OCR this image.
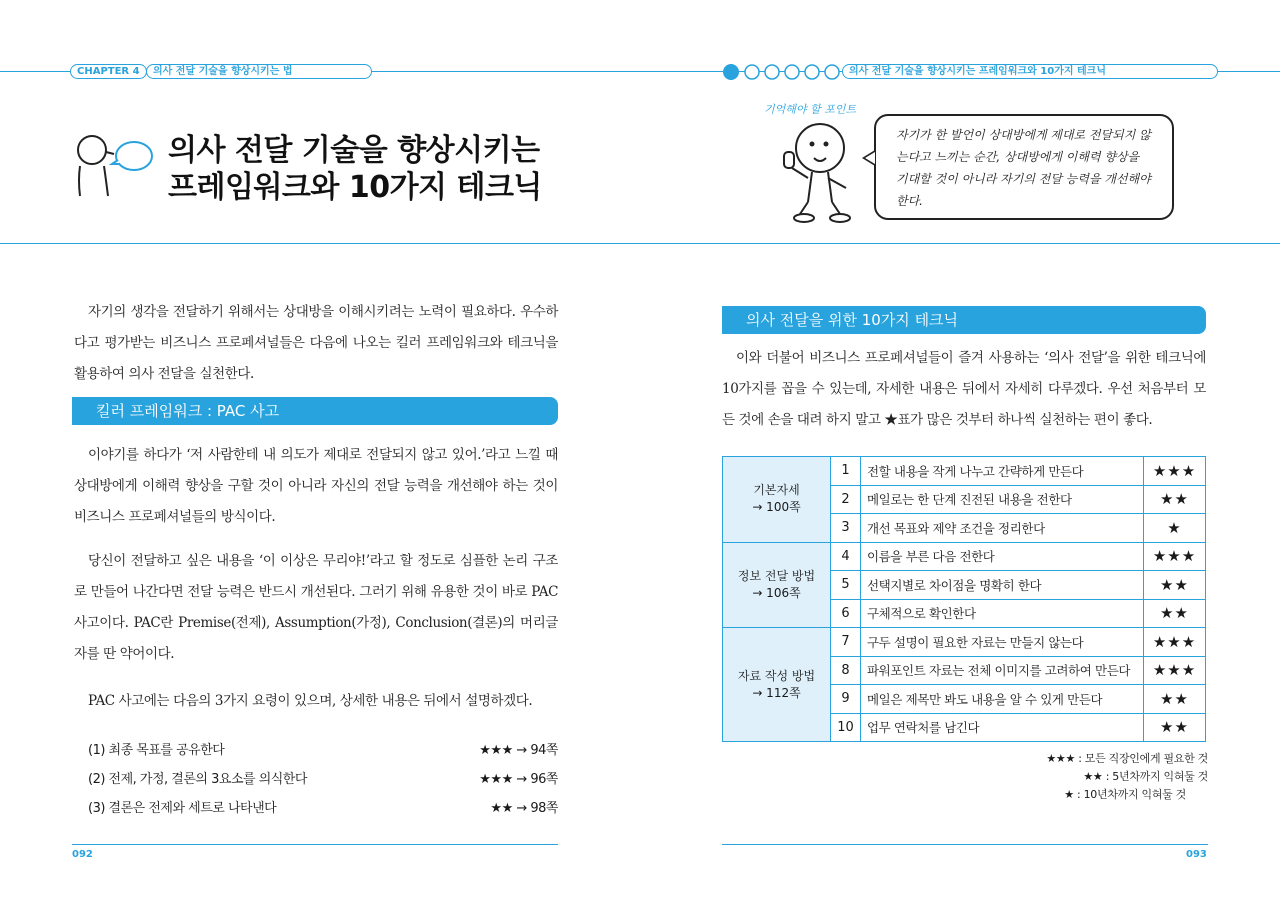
CHAPTER 4	의사 전달 기술을 향상시키는 법	의사 전달 기술을 향상시키는 프레임워크와 10가지 테크닉
의사 전달 기술을 향상시키는
프레임워크와 10가지 테크닉
기억해야 할 포인트
자기가 한 발언이 상대방에게 제대로 전달되지 않
는다고 느끼는 순간, 상대방에게 이해력 향상을
기대할 것이 아니라 자기의 전달 능력을 개선해야
한다.
자기의 생각을 전달하기 위해서는 상대방을 이해시키려는 노력이 필요하다. 우수하다고 평가받는 비즈니스 프로페셔널들은 다음에 나오는 킬러 프레임워크와 테크닉을 활용하여 의사 전달을 실천한다.
킬러 프레임워크 : PAC 사고
이야기를 하다가 ‘저 사람한테 내 의도가 제대로 전달되지 않고 있어.’라고 느낄 때 상대방에게 이해력 향상을 구할 것이 아니라 자신의 전달 능력을 개선해야 하는 것이 비즈니스 프로페셔널들의 방식이다.
당신이 전달하고 싶은 내용을 ‘이 이상은 무리야!’라고 할 정도로 심플한 논리 구조로 만들어 나간다면 전달 능력은 반드시 개선된다. 그러기 위해 유용한 것이 바로 PAC 사고이다. PAC란 Premise(전제), Assumption(가정), Conclusion(결론)의 머리글자를 딴 약어이다.
PAC 사고에는 다음의 3가지 요령이 있으며, 상세한 내용은 뒤에서 설명하겠다.
(1) 최종 목표를 공유한다	★★★ → 94쪽
(2) 전제, 가정, 결론의 3요소를 의식한다	★★★ → 96쪽
(3) 결론은 전제와 세트로 나타낸다	★★ → 98쪽
092
의사 전달을 위한 10가지 테크닉
이와 더불어 비즈니스 프로페셔널들이 즐겨 사용하는 ‘의사 전달’을 위한 테크닉에 10가지를 꼽을 수 있는데, 자세한 내용은 뒤에서 자세히 다루겠다. 우선 처음부터 모든 것에 손을 대려 하지 말고 ★표가 많은 것부터 하나씩 실천하는 편이 좋다.
기본자세
→ 100쪽	1	전할 내용을 작게 나누고 간략하게 만든다	★★★
	2	메일로는 한 단계 진전된 내용을 전한다	★★
	3	개선 목표와 제약 조건을 정리한다	★

정보 전달 방법
→ 106쪽	4	이름을 부른 다음 전한다	★★★
	5	선택지별로 차이점을 명확히 한다	★★
	6	구체적으로 확인한다	★★

자료 작성 방법
→ 112쪽	7	구두 설명이 필요한 자료는 만들지 않는다	★★★
	8	파워포인트 자료는 전체 이미지를 고려하여 만든다	★★★
	9	메일은 제목만 봐도 내용을 알 수 있게 만든다	★★
	10	업무 연락처를 남긴다	★★
★★★ : 모든 직장인에게 필요한 것
★★ : 5년차까지 익혀둘 것
★ : 10년차까지 익혀둘 것
093
